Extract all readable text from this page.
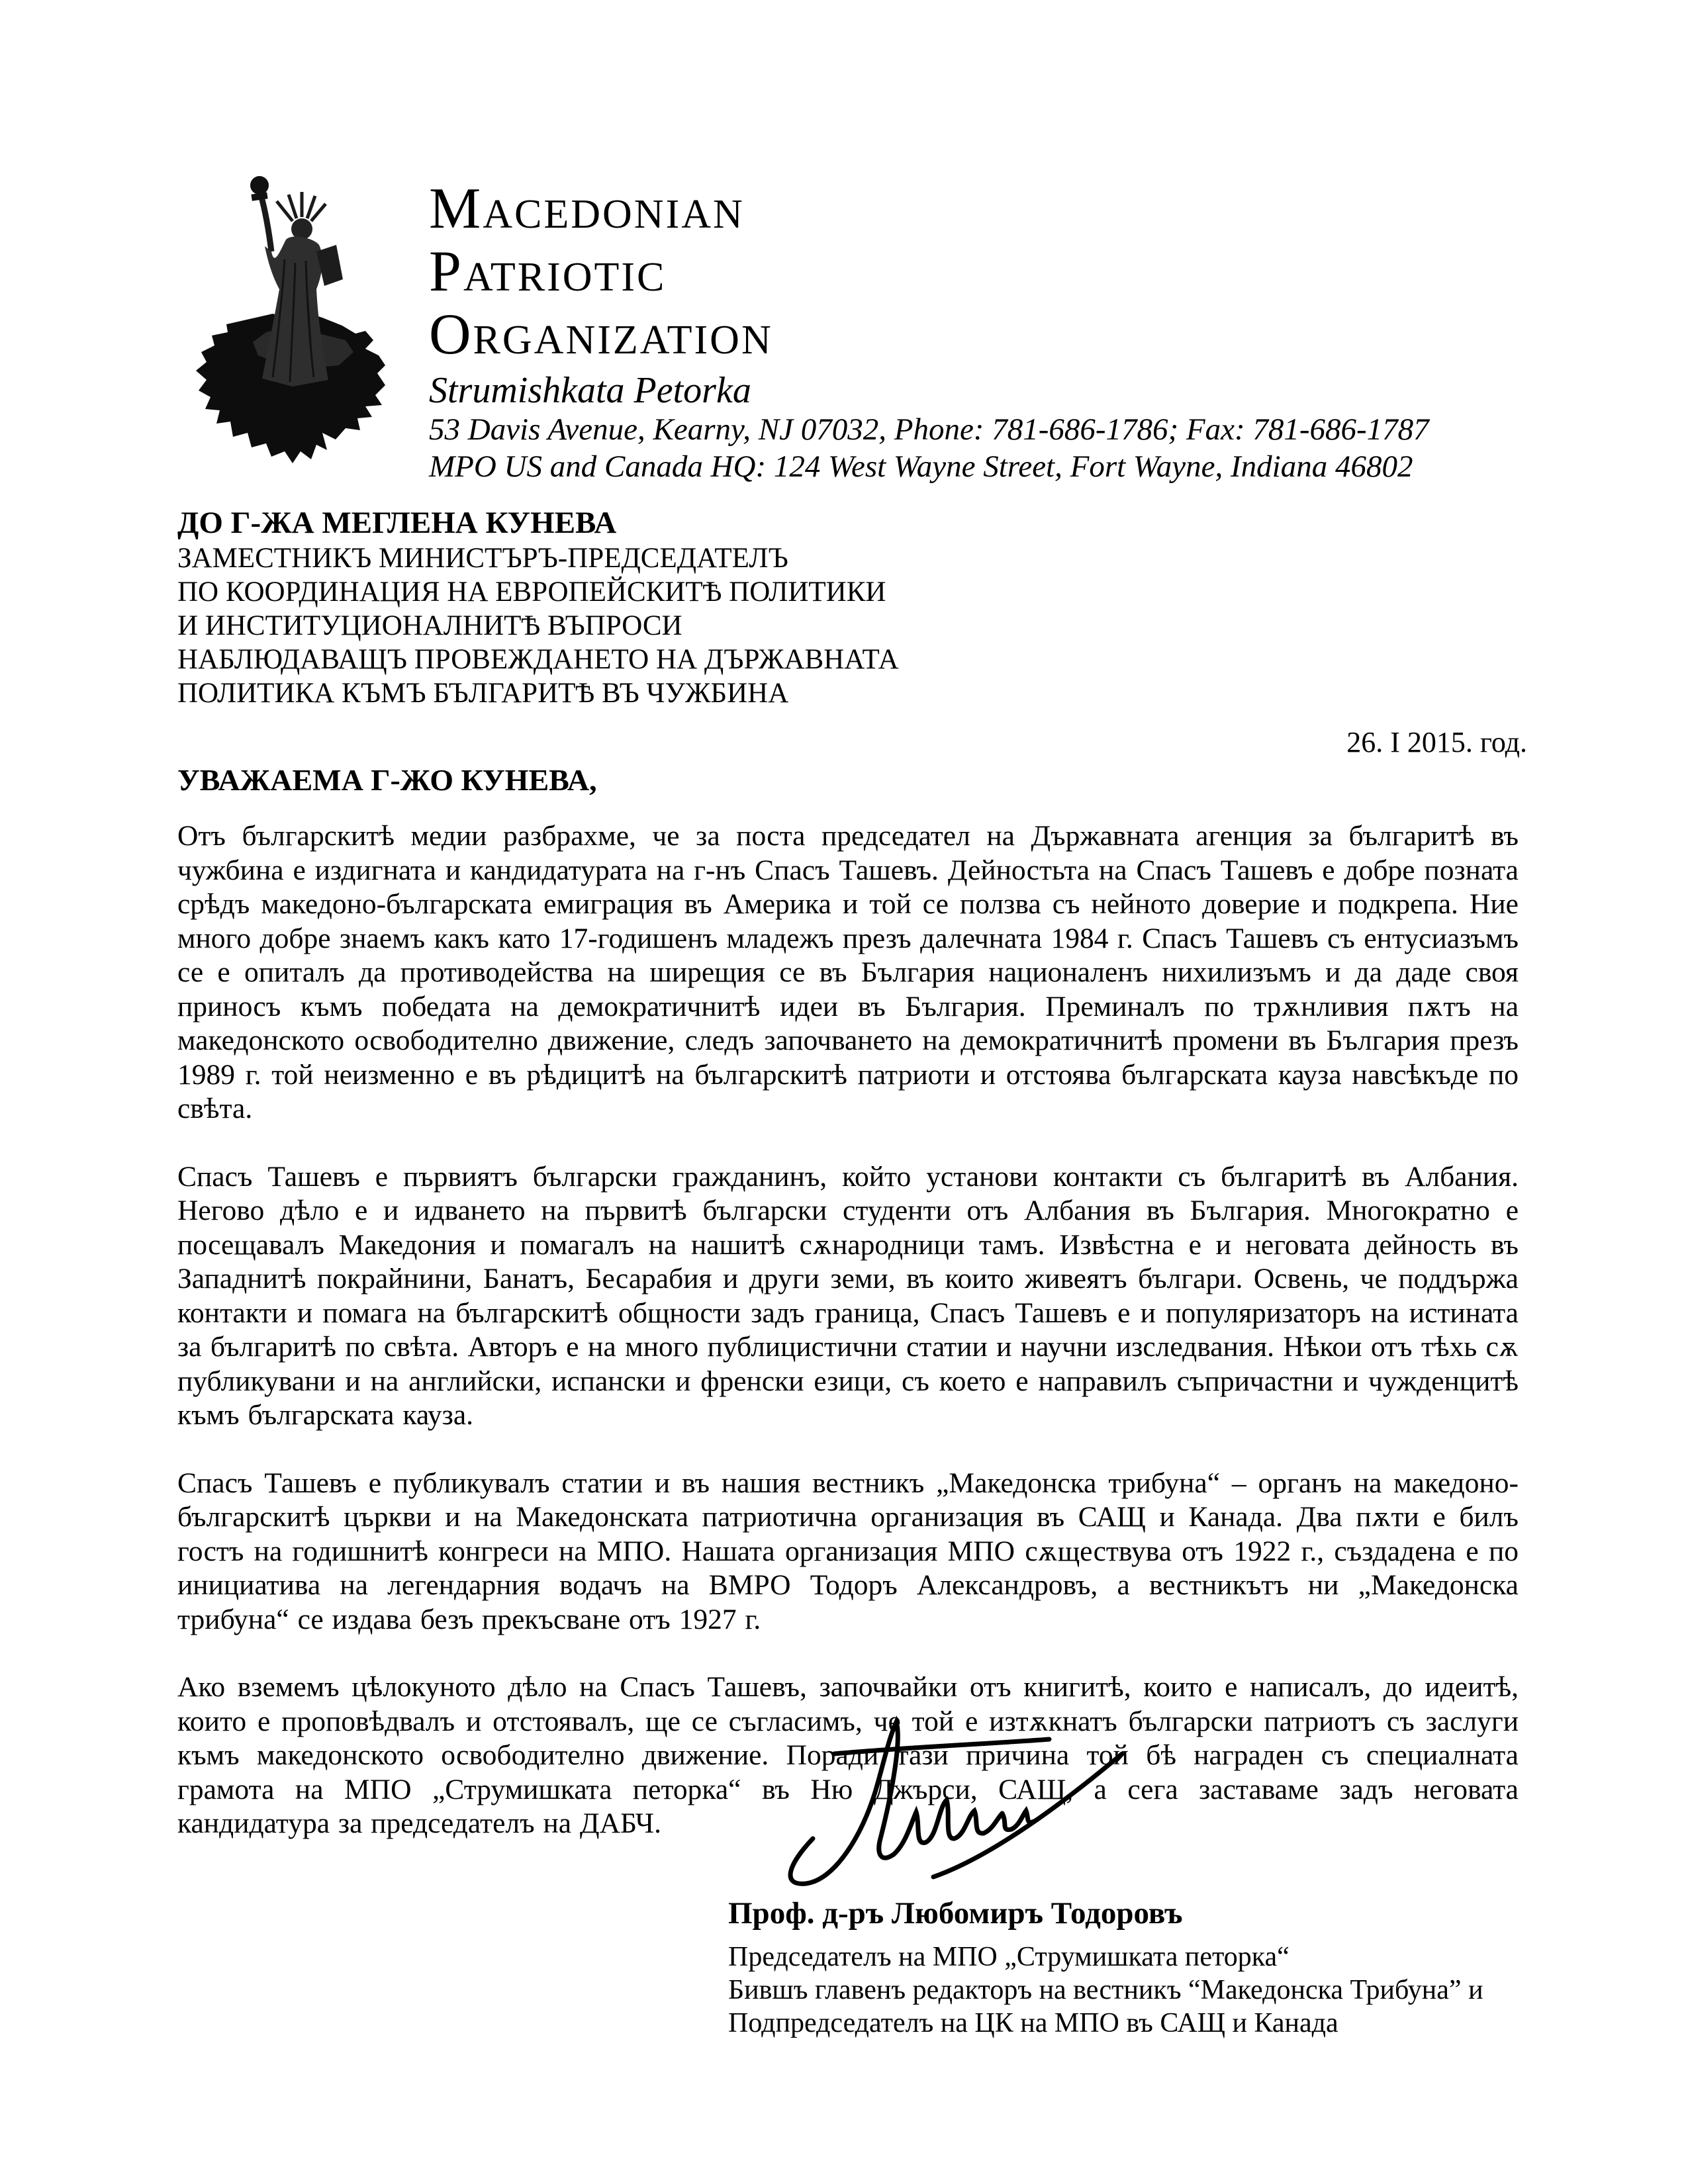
Macedonian
Patriotic
Organization
Strumishkata Petorka
53 Davis Avenue, Kearny, NJ 07032, Phone: 781-686-1786; Fax: 781-686-1787
MPO US and Canada HQ: 124 West Wayne Street, Fort Wayne, Indiana 46802
ДО Г-ЖА МЕГЛЕНА КУНЕВА
ЗАМЕСТНИКЪ МИНИСТЪРЪ-ПРЕДСЕДАТЕЛЪ
ПО КООРДИНАЦИЯ НА ЕВРОПЕЙСКИТѢ ПОЛИТИКИ
И ИНСТИТУЦИОНАЛНИТѢ ВЪПРОСИ
НАБЛЮДАВАЩЪ ПРОВЕЖДАНЕТО НА ДЪРЖАВНАТА
ПОЛИТИКА КЪМЪ БЪЛГАРИТѢ ВЪ ЧУЖБИНА
26. I 2015. год.
УВАЖАЕМА Г-ЖО КУНЕВА,

Отъ българскитѣ медии разбрахме, че за поста председател на Държавната агенция за българитѣ въ чужбина е издигната и кандидатурата на г-нъ Спасъ Ташевъ. Дейностьта на Спасъ Ташевъ е добре позната срѣдъ македоно-българската емиграция въ Америка и той се ползва съ нейното доверие и подкрепа. Ние много добре знаемъ какъ като 17-годишенъ младежъ презъ далечната 1984 г. Спасъ Ташевъ съ ентусиазъмъ се е опиталъ да противодейства на ширещия се въ България националенъ нихилизъмъ и да даде своя приносъ къмъ победата на демократичнитѣ идеи въ България. Преминалъ по трѫнливия пѫтъ на македонското освободително движение, следъ започването на демократичнитѣ промени въ България презъ 1989 г. той неизменно е въ рѣдицитѣ на българскитѣ патриоти и отстоява българската кауза навсѣкъде по свѣта.

Спасъ Ташевъ е първиятъ български гражданинъ, който установи контакти съ българитѣ въ Албания. Негово дѣло е и идването на първитѣ български студенти отъ Албания въ България. Многократно е посещавалъ Македония и помагалъ на нашитѣ сѫнародници тамъ. Извѣстна е и неговата дейность въ Западнитѣ покрайнини, Банатъ, Бесарабия и други земи, въ които живеятъ българи. Освень, че поддържа контакти и помага на българскитѣ общности задъ граница, Спасъ Ташевъ е и популяризаторъ на истината за българитѣ по свѣта. Авторъ е на много публицистични статии и научни изследвания. Нѣкои отъ тѣхь сѫ публикувани и на английски, испански и френски езици, съ което е направилъ съпричастни и чужденцитѣ къмъ българската кауза.

Спасъ Ташевъ е публикувалъ статии и въ нашия вестникъ „Македонска трибуна“ – органъ на македоно-българскитѣ църкви и на Македонската патриотична организация въ САЩ и Канада. Два пѫти е билъ гостъ на годишнитѣ конгреси на МПО. Нашата организация МПО сѫществува отъ 1922 г., създадена е по инициатива на легендарния водачъ на ВМРО Тодоръ Александровъ, а вестникътъ ни „Македонска трибуна“ се издава безъ прекъсване отъ 1927 г.

Ако вземемъ цѣлокуното дѣло на Спасъ Ташевъ, започвайки отъ книгитѣ, които е написалъ, до идеитѣ, които е проповѣдвалъ и отстоявалъ, ще се съгласимъ, че той е изтѫкнатъ български патриотъ съ заслуги къмъ македонското освободително движение. Поради тази причина той бѣ награден съ специалната грамота на МПО „Струмишката петорка“ въ Ню Джърси, САЩ, а сега заставаме задъ неговата кандидатура за председателъ на ДАБЧ.

Проф. д-ръ Любомиръ Тодоровъ
Председателъ на МПО „Струмишката петорка“
Бившъ главенъ редакторъ на вестникъ “Македонска Трибуна” и
Подпредседателъ на ЦК на МПО въ САЩ и Канада
